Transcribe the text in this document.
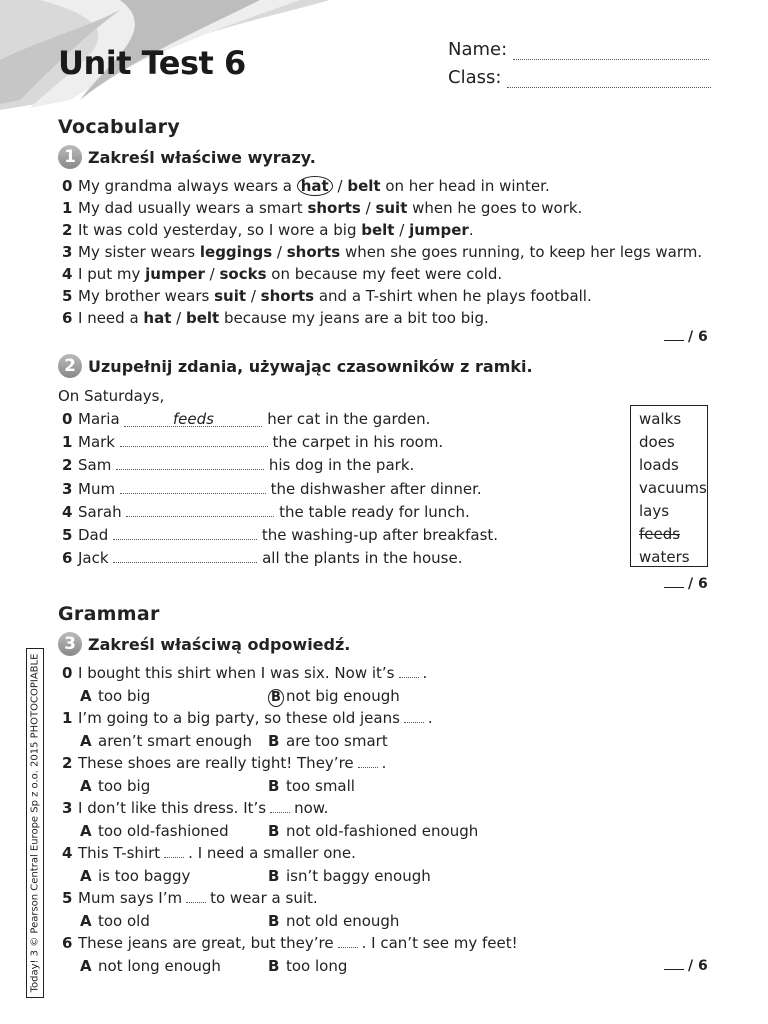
Unit Test 6	Name:
Class:
Vocabulary
1 Zakreśl właściwe wyrazy.
0 My grandma always wears a hat / belt on her head in winter.
1 My dad usually wears a smart shorts / suit when he goes to work.
2 It was cold yesterday, so I wore a big belt / jumper.
3 My sister wears leggings / shorts when she goes running, to keep her legs warm.
4 I put my jumper / socks on because my feet were cold.
5 My brother wears suit / shorts and a T-shirt when he plays football.
6 I need a hat / belt because my jeans are a bit too big.
/ 6
2 Uzupełnij zdania, używając czasowników z ramki.
On Saturdays,
0 Maria	feeds	her cat in the garden.
1 Mark	the carpet in his room.
2 Sam	his dog in the park.
3 Mum	the dishwasher after dinner.
4 Sarah	the table ready for lunch.
5 Dad	the washing-up after breakfast.
6 Jack	all the plants in the house.
walks
does
loads
vacuums
lays
feeds
waters
/ 6
Grammar
3 Zakreśl właściwą odpowiedź.
0 I bought this shirt when I was six. Now it’s .
A too big	B not big enough
1 I’m going to a big party, so these old jeans .
A aren’t smart enough B are too smart
2 These shoes are really tight! They’re .
A too big	B too small
3 I don’t like this dress. It’s now.
A too old-fashioned	B not old-fashioned enough
4 This T-shirt . I need a smaller one.
A is too baggy	B isn’t baggy enough
5 Mum says I’m to wear a suit.
A too old	B not old enough
6 These jeans are great, but they’re . I can’t see my feet!
A not long enough	B too long	/ 6
Today! 3 © Pearson Central Europe Sp z o.o. 2015 PHOTOCOPIABLE
